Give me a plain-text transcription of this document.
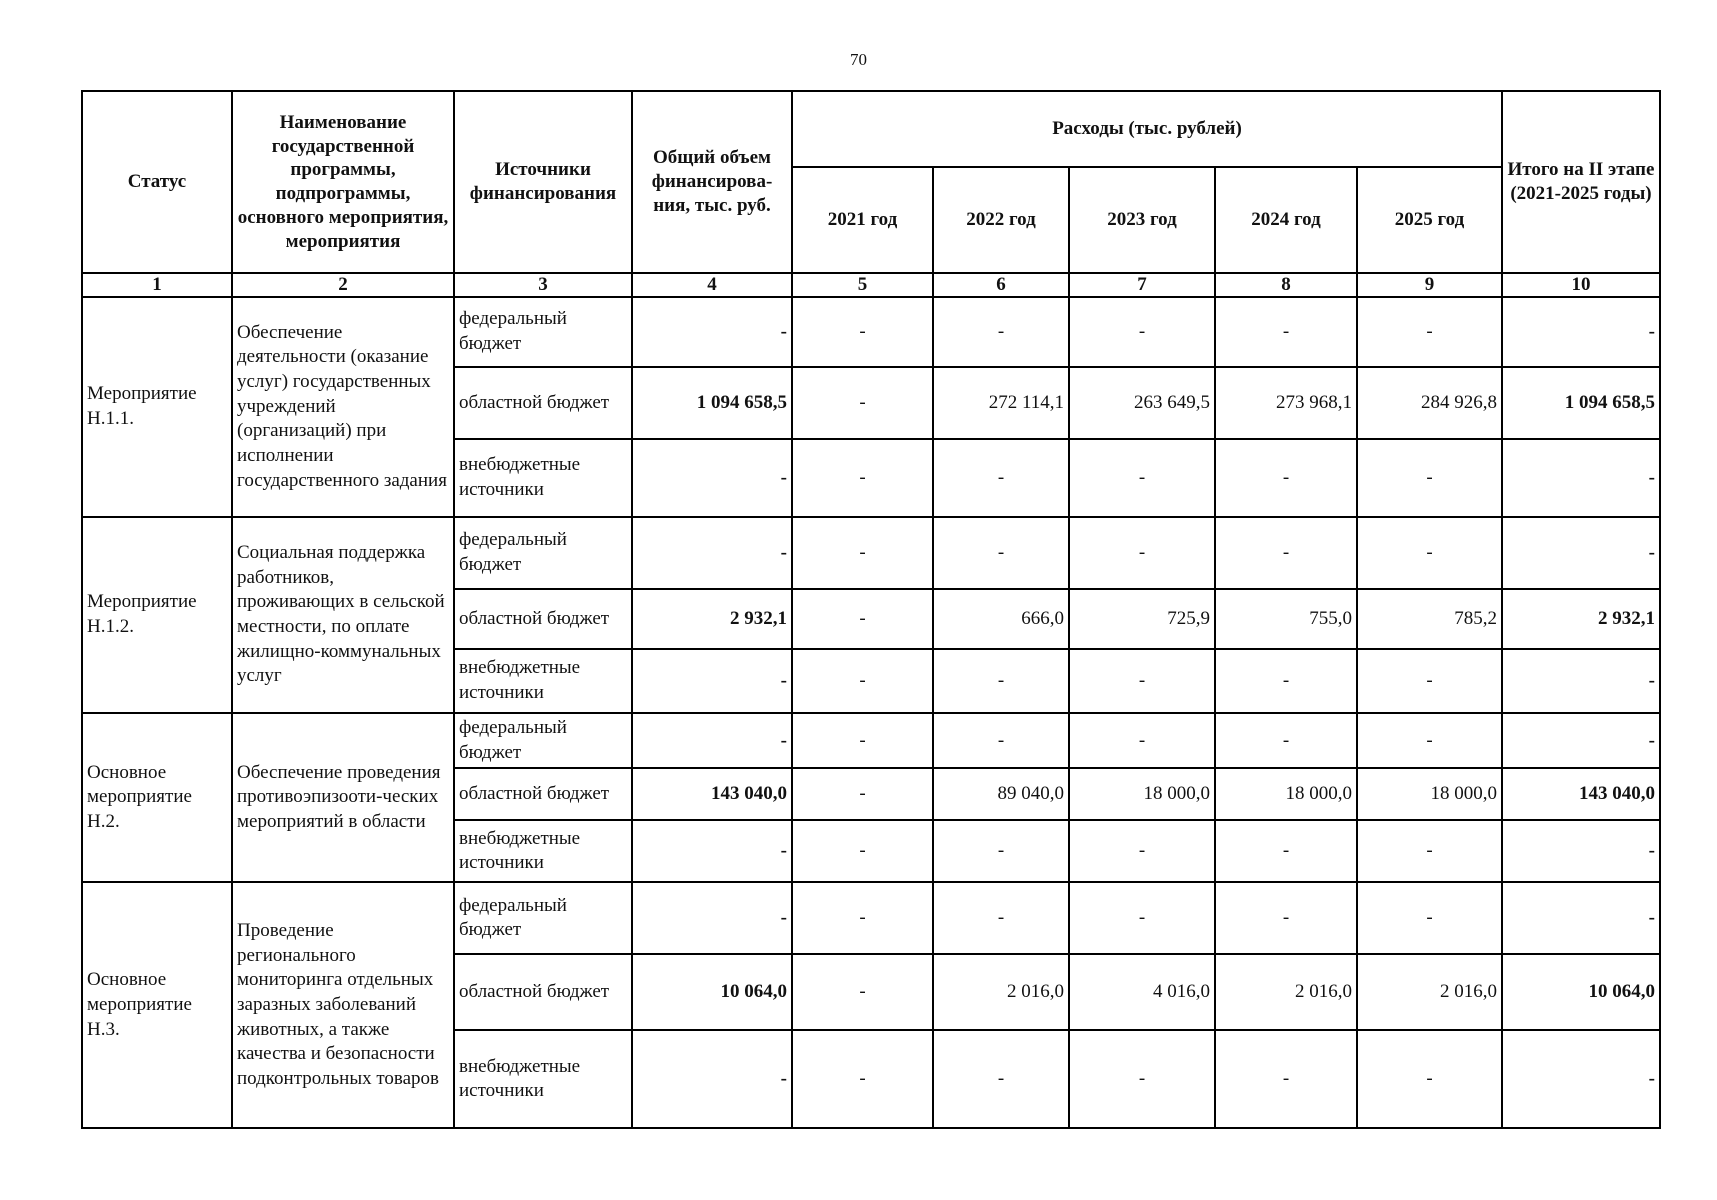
70
Статус	Наименование государственной программы, подпрограммы, основного мероприятия, мероприятия	Источники финансирования	Общий объем финансирова-ния, тыс. руб.	Расходы (тыс. рублей)					Итого на II этапе (2021-2025 годы)
				2021 год	2022 год	2023 год	2024 год	2025 год	
1	2	3	4	5	6	7	8	9	10
Мероприятие Н.1.1.	Обеспечение деятельности (оказание услуг) государственных учреждений (организаций) при исполнении государственного задания	федеральный бюджет	-	-	-	-	-	-	-
		областной бюджет	1 094 658,5	-	272 114,1	263 649,5	273 968,1	284 926,8	1 094 658,5
		внебюджетные источники	-	-	-	-	-	-	-
Мероприятие Н.1.2.	Социальная поддержка работников, проживающих в сельской местности, по оплате жилищно-коммунальных услуг	федеральный бюджет	-	-	-	-	-	-	-
		областной бюджет	2 932,1	-	666,0	725,9	755,0	785,2	2 932,1
		внебюджетные источники	-	-	-	-	-	-	-
Основное мероприятие Н.2.	Обеспечение проведения противоэпизооти-ческих мероприятий в области	федеральный бюджет	-	-	-	-	-	-	-
		областной бюджет	143 040,0	-	89 040,0	18 000,0	18 000,0	18 000,0	143 040,0
		внебюджетные источники	-	-	-	-	-	-	-
Основное мероприятие Н.3.	Проведение регионального мониторинга отдельных заразных заболеваний животных, а также качества и безопасности подконтрольных товаров	федеральный бюджет	-	-	-	-	-	-	-
		областной бюджет	10 064,0	-	2 016,0	4 016,0	2 016,0	2 016,0	10 064,0
		внебюджетные источники	-	-	-	-	-	-	-
